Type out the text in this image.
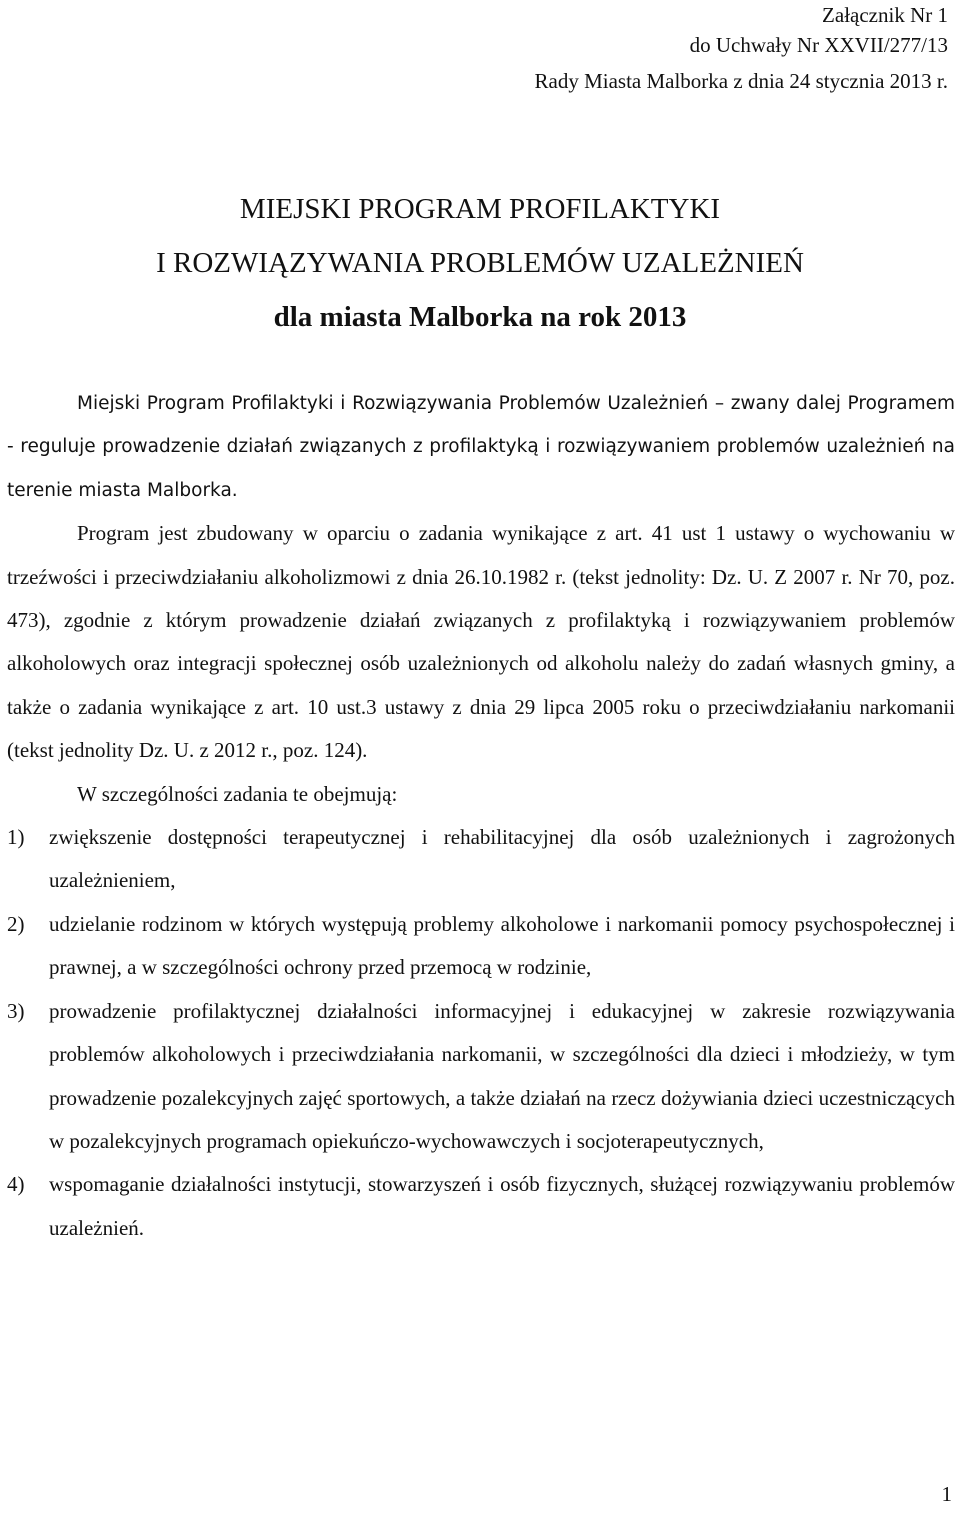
Załącznik Nr 1
do Uchwały Nr XXVII/277/13
Rady Miasta Malborka z dnia 24 stycznia 2013 r.
MIEJSKI PROGRAM PROFILAKTYKI
I ROZWIĄZYWANIA PROBLEMÓW UZALEŻNIEŃ
dla miasta Malborka na rok 2013

Miejski Program Profilaktyki i Rozwiązywania Problemów Uzależnień – zwany dalej Programem - reguluje prowadzenie działań związanych z profilaktyką i rozwiązywaniem problemów uzależnień na terenie miasta Malborka.

Program jest zbudowany w oparciu o zadania wynikające z art. 41 ust 1 ustawy o wychowaniu w trzeźwości i przeciwdziałaniu alkoholizmowi z dnia 26.10.1982 r. (tekst jednolity: Dz. U. Z 2007 r. Nr 70, poz. 473), zgodnie z którym prowadzenie działań związanych z profilaktyką i rozwiązywaniem problemów alkoholowych oraz integracji społecznej osób uzależnionych od alkoholu należy do zadań własnych gminy, a także o zadania wynikające z art. 10 ust.3 ustawy z dnia 29 lipca 2005 roku o przeciwdziałaniu narkomanii (tekst jednolity Dz. U. z 2012 r., poz. 124).

W szczególności zadania te obejmują:

1)	zwiększenie dostępności terapeutycznej i rehabilitacyjnej dla osób uzależnionych i zagrożonych uzależnieniem,
2)	udzielanie rodzinom w których występują problemy alkoholowe i narkomanii pomocy psychospołecznej i prawnej, a w szczególności ochrony przed przemocą w rodzinie,
3)	prowadzenie profilaktycznej działalności informacyjnej i edukacyjnej w zakresie rozwiązywania problemów alkoholowych i przeciwdziałania narkomanii, w szczególności dla dzieci i młodzieży, w tym prowadzenie pozalekcyjnych zajęć sportowych, a także działań na rzecz dożywiania dzieci uczestniczących w pozalekcyjnych programach opiekuńczo-wychowawczych i socjoterapeutycznych,
4)	wspomaganie działalności instytucji, stowarzyszeń i osób fizycznych, służącej rozwiązywaniu problemów uzależnień.
1
